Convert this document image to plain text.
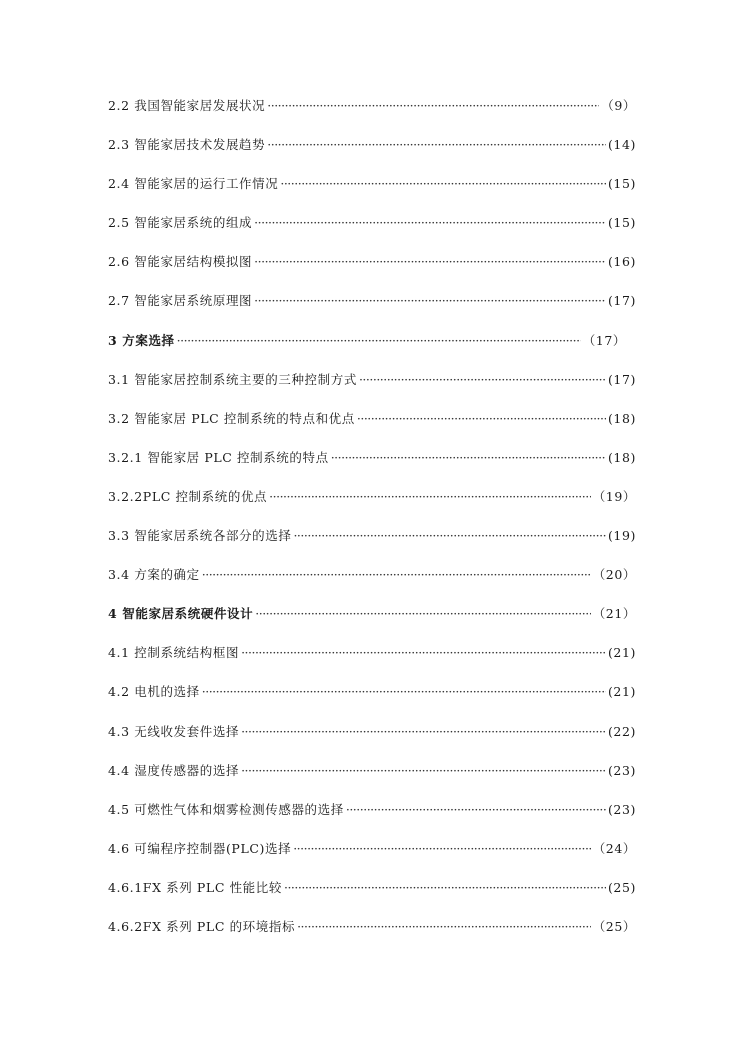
2.2 我国智能家居发展状况 ·····	（9）
2.3 智能家居技术发展趋势 ·····	(14)
2.4 智能家居的运行工作情况 ·····	(15)
2.5 智能家居系统的组成 ·····	(15)
2.6 智能家居结构模拟图 ·····	(16)
2.7 智能家居系统原理图 ·····	(17)
3 方案选择 ·····	（17）
3.1 智能家居控制系统主要的三种控制方式 ·····	(17)
3.2 智能家居 PLC 控制系统的特点和优点 ·····	(18)
3.2.1 智能家居 PLC 控制系统的特点 ·····	(18)
3.2.2PLC 控制系统的优点 ·····	（19）
3.3 智能家居系统各部分的选择 ·····	(19)
3.4 方案的确定 ·····	（20）
4 智能家居系统硬件设计 ·····	（21）
4.1 控制系统结构框图 ·····	(21)
4.2 电机的选择 ·····	(21)
4.3 无线收发套件选择 ·····	(22)
4.4 湿度传感器的选择 ·····	(23)
4.5 可燃性气体和烟雾检测传感器的选择 ·····	(23)
4.6 可编程序控制器(PLC)选择 ·····	（24）
4.6.1FX 系列 PLC 性能比较 ·····	(25)
4.6.2FX 系列 PLC 的环境指标 ·····	（25）
